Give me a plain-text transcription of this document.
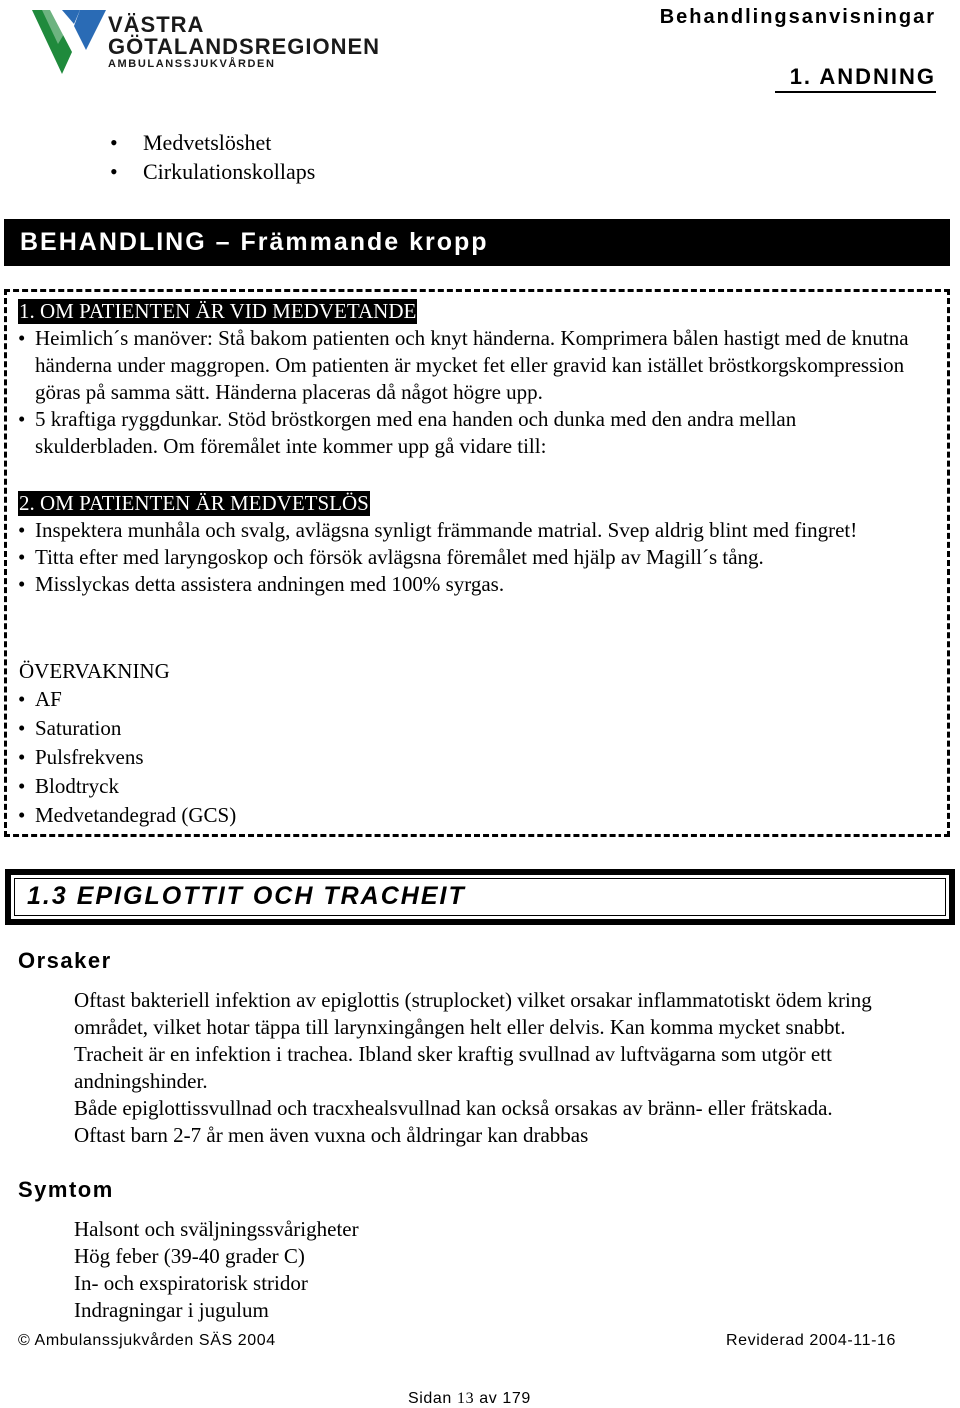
VÄSTRA
GÖTALANDSREGIONEN
AMBULANSSJUKVÅRDEN
Behandlingsanvisningar
1. ANDNING
• Medvetslöshet
• Cirkulationskollaps
BEHANDLING – Främmande kropp
1. OM PATIENTEN ÄR VID MEDVETANDE
• Heimlich´s manöver: Stå bakom patienten och knyt händerna. Komprimera bålen hastigt med de knutna händerna under maggropen. Om patienten är mycket fet eller gravid kan istället bröstkorgskompression göras på samma sätt. Händerna placeras då något högre upp.
• 5 kraftiga ryggdunkar. Stöd bröstkorgen med ena handen och dunka med den andra mellan skulderbladen. Om föremålet inte kommer upp gå vidare till:
2. OM PATIENTEN ÄR MEDVETSLÖS
• Inspektera munhåla och svalg, avlägsna synligt främmande matrial. Svep aldrig blint med fingret!
• Titta efter med laryngoskop och försök avlägsna föremålet med hjälp av Magill´s tång.
• Misslyckas detta assistera andningen med 100% syrgas.
ÖVERVAKNING
• AF
• Saturation
• Pulsfrekvens
• Blodtryck
• Medvetandegrad (GCS)
1.3 EPIGLOTTIT OCH TRACHEIT
Orsaker

Oftast bakteriell infektion av epiglottis (struplocket) vilket orsakar inflammatotiskt ödem kring området, vilket hotar täppa till larynxingången helt eller delvis. Kan komma mycket snabbt.

Tracheit är en infektion i trachea. Ibland sker kraftig svullnad av luftvägarna som utgör ett andningshinder.

Både epiglottissvullnad och tracxhealsvullnad kan också orsakas av bränn- eller frätskada.

Oftast barn 2-7 år men även vuxna och åldringar kan drabbas

Symtom

Halsont och sväljningssvårigheter

Hög feber (39-40 grader C)

In- och exspiratorisk stridor

Indragningar i jugulum

© Ambulanssjukvården SÄS 2004	Reviderad 2004-11-16
Sidan 13 av 179
